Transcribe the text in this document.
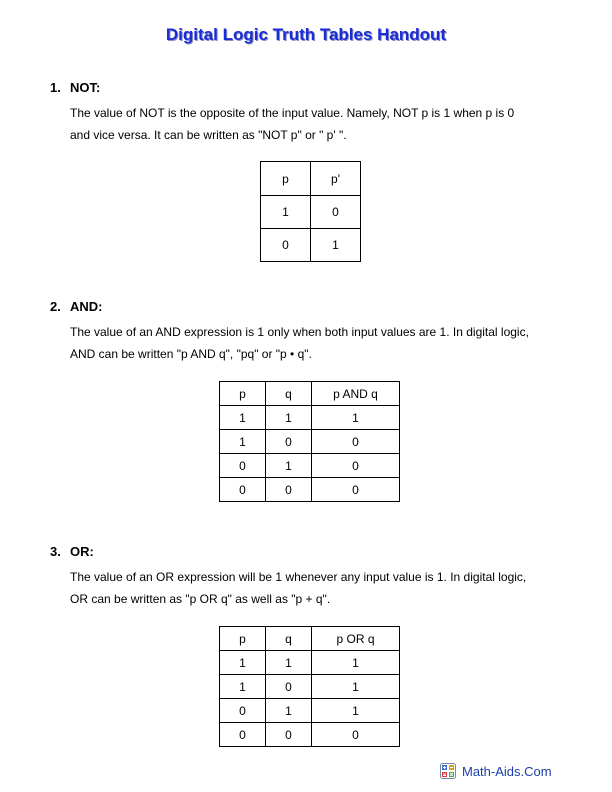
Digital Logic Truth Tables Handout
1. NOT:
The value of NOT is the opposite of the input value. Namely, NOT p is 1 when p is 0
and vice versa. It can be written as "NOT p" or " p' ".
p	p'
1	0
0	1
2. AND:
The value of an AND expression is 1 only when both input values are 1. In digital logic,
AND can be written "p AND q", "pq" or "p • q".
p	q	p AND q
1	1	1
1	0	0
0	1	0
0	0	0
3. OR:
The value of an OR expression will be 1 whenever any input value is 1. In digital logic,
OR can be written as "p OR q" as well as "p + q".
p	q	p OR q
1	1	1
1	0	1
0	1	1
0	0	0
Math-Aids.Com
